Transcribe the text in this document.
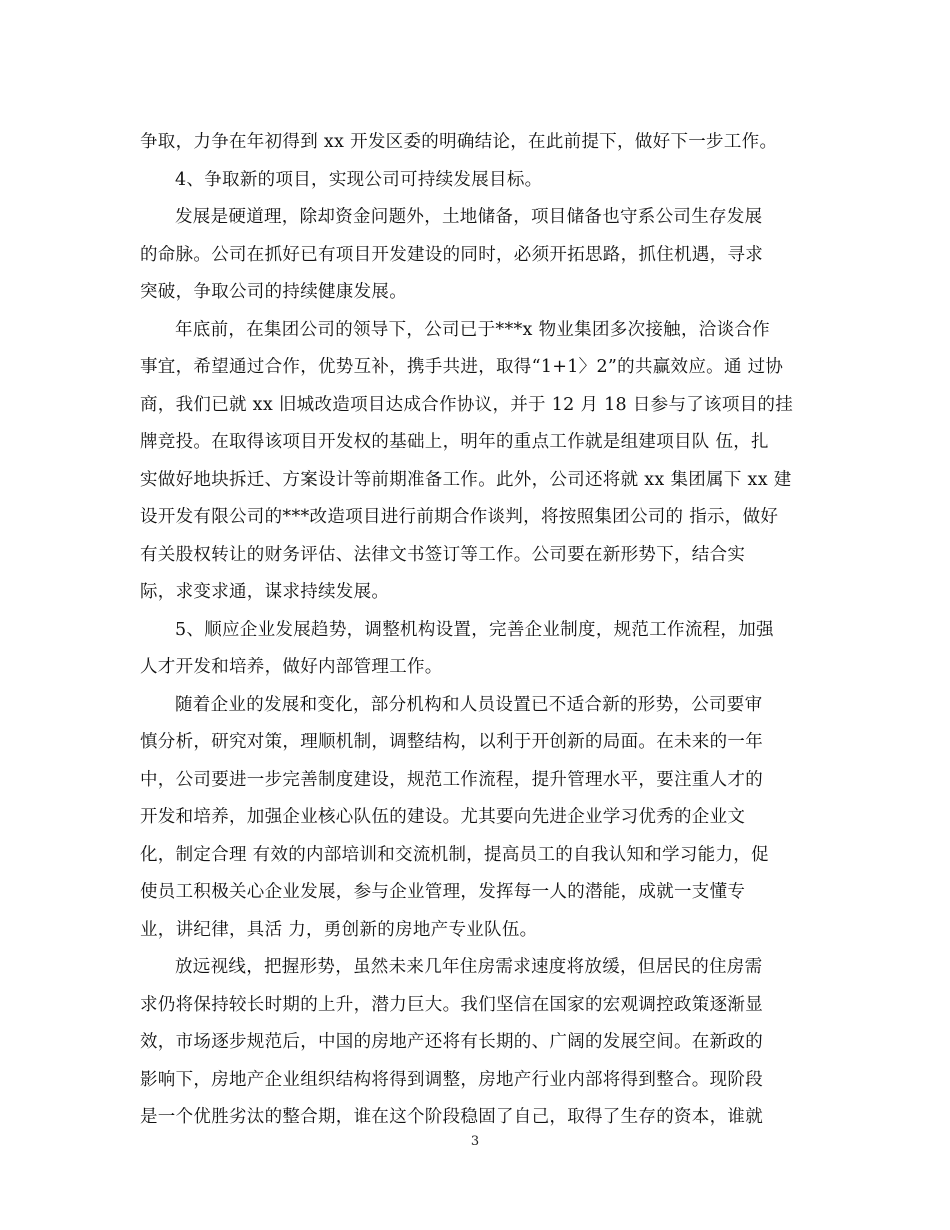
争取，力争在年初得到 xx 开发区委的明确结论，在此前提下，做好下一步工作。
4、争取新的项目，实现公司可持续发展目标。
发展是硬道理，除却资金问题外，土地储备，项目储备也守系公司生存发展
的命脉。公司在抓好已有项目开发建设的同时，必须开拓思路，抓住机遇，寻求
突破，争取公司的持续健康发展。
年底前，在集团公司的领导下，公司已于***x 物业集团多次接触，洽谈合作
事宜，希望通过合作，优势互补，携手共进，取得“1+1〉2”的共赢效应。通 过协
商，我们已就 xx 旧城改造项目达成合作协议，并于 12 月 18 日参与了该项目的挂
牌竞投。在取得该项目开发权的基础上，明年的重点工作就是组建项目队 伍，扎
实做好地块拆迁、方案设计等前期准备工作。此外，公司还将就 xx 集团属下 xx 建
设开发有限公司的***改造项目进行前期合作谈判，将按照集团公司的 指示，做好
有关股权转让的财务评估、法律文书签订等工作。公司要在新形势下，结合实
际，求变求通，谋求持续发展。
5、顺应企业发展趋势，调整机构设置，完善企业制度，规范工作流程，加强
人才开发和培养，做好内部管理工作。
随着企业的发展和变化，部分机构和人员设置已不适合新的形势，公司要审
慎分析，研究对策，理顺机制，调整结构，以利于开创新的局面。在未来的一年
中，公司要进一步完善制度建设，规范工作流程，提升管理水平，要注重人才的
开发和培养，加强企业核心队伍的建设。尤其要向先进企业学习优秀的企业文
化，制定合理 有效的内部培训和交流机制，提高员工的自我认知和学习能力，促
使员工积极关心企业发展，参与企业管理，发挥每一人的潜能，成就一支懂专
业，讲纪律，具活 力，勇创新的房地产专业队伍。
放远视线，把握形势，虽然未来几年住房需求速度将放缓，但居民的住房需
求仍将保持较长时期的上升，潜力巨大。我们坚信在国家的宏观调控政策逐渐显
效，市场逐步规范后，中国的房地产还将有长期的、广阔的发展空间。在新政的
影响下，房地产企业组织结构将得到调整，房地产行业内部将得到整合。现阶段
是一个优胜劣汰的整合期，谁在这个阶段稳固了自己，取得了生存的资本，谁就
3
